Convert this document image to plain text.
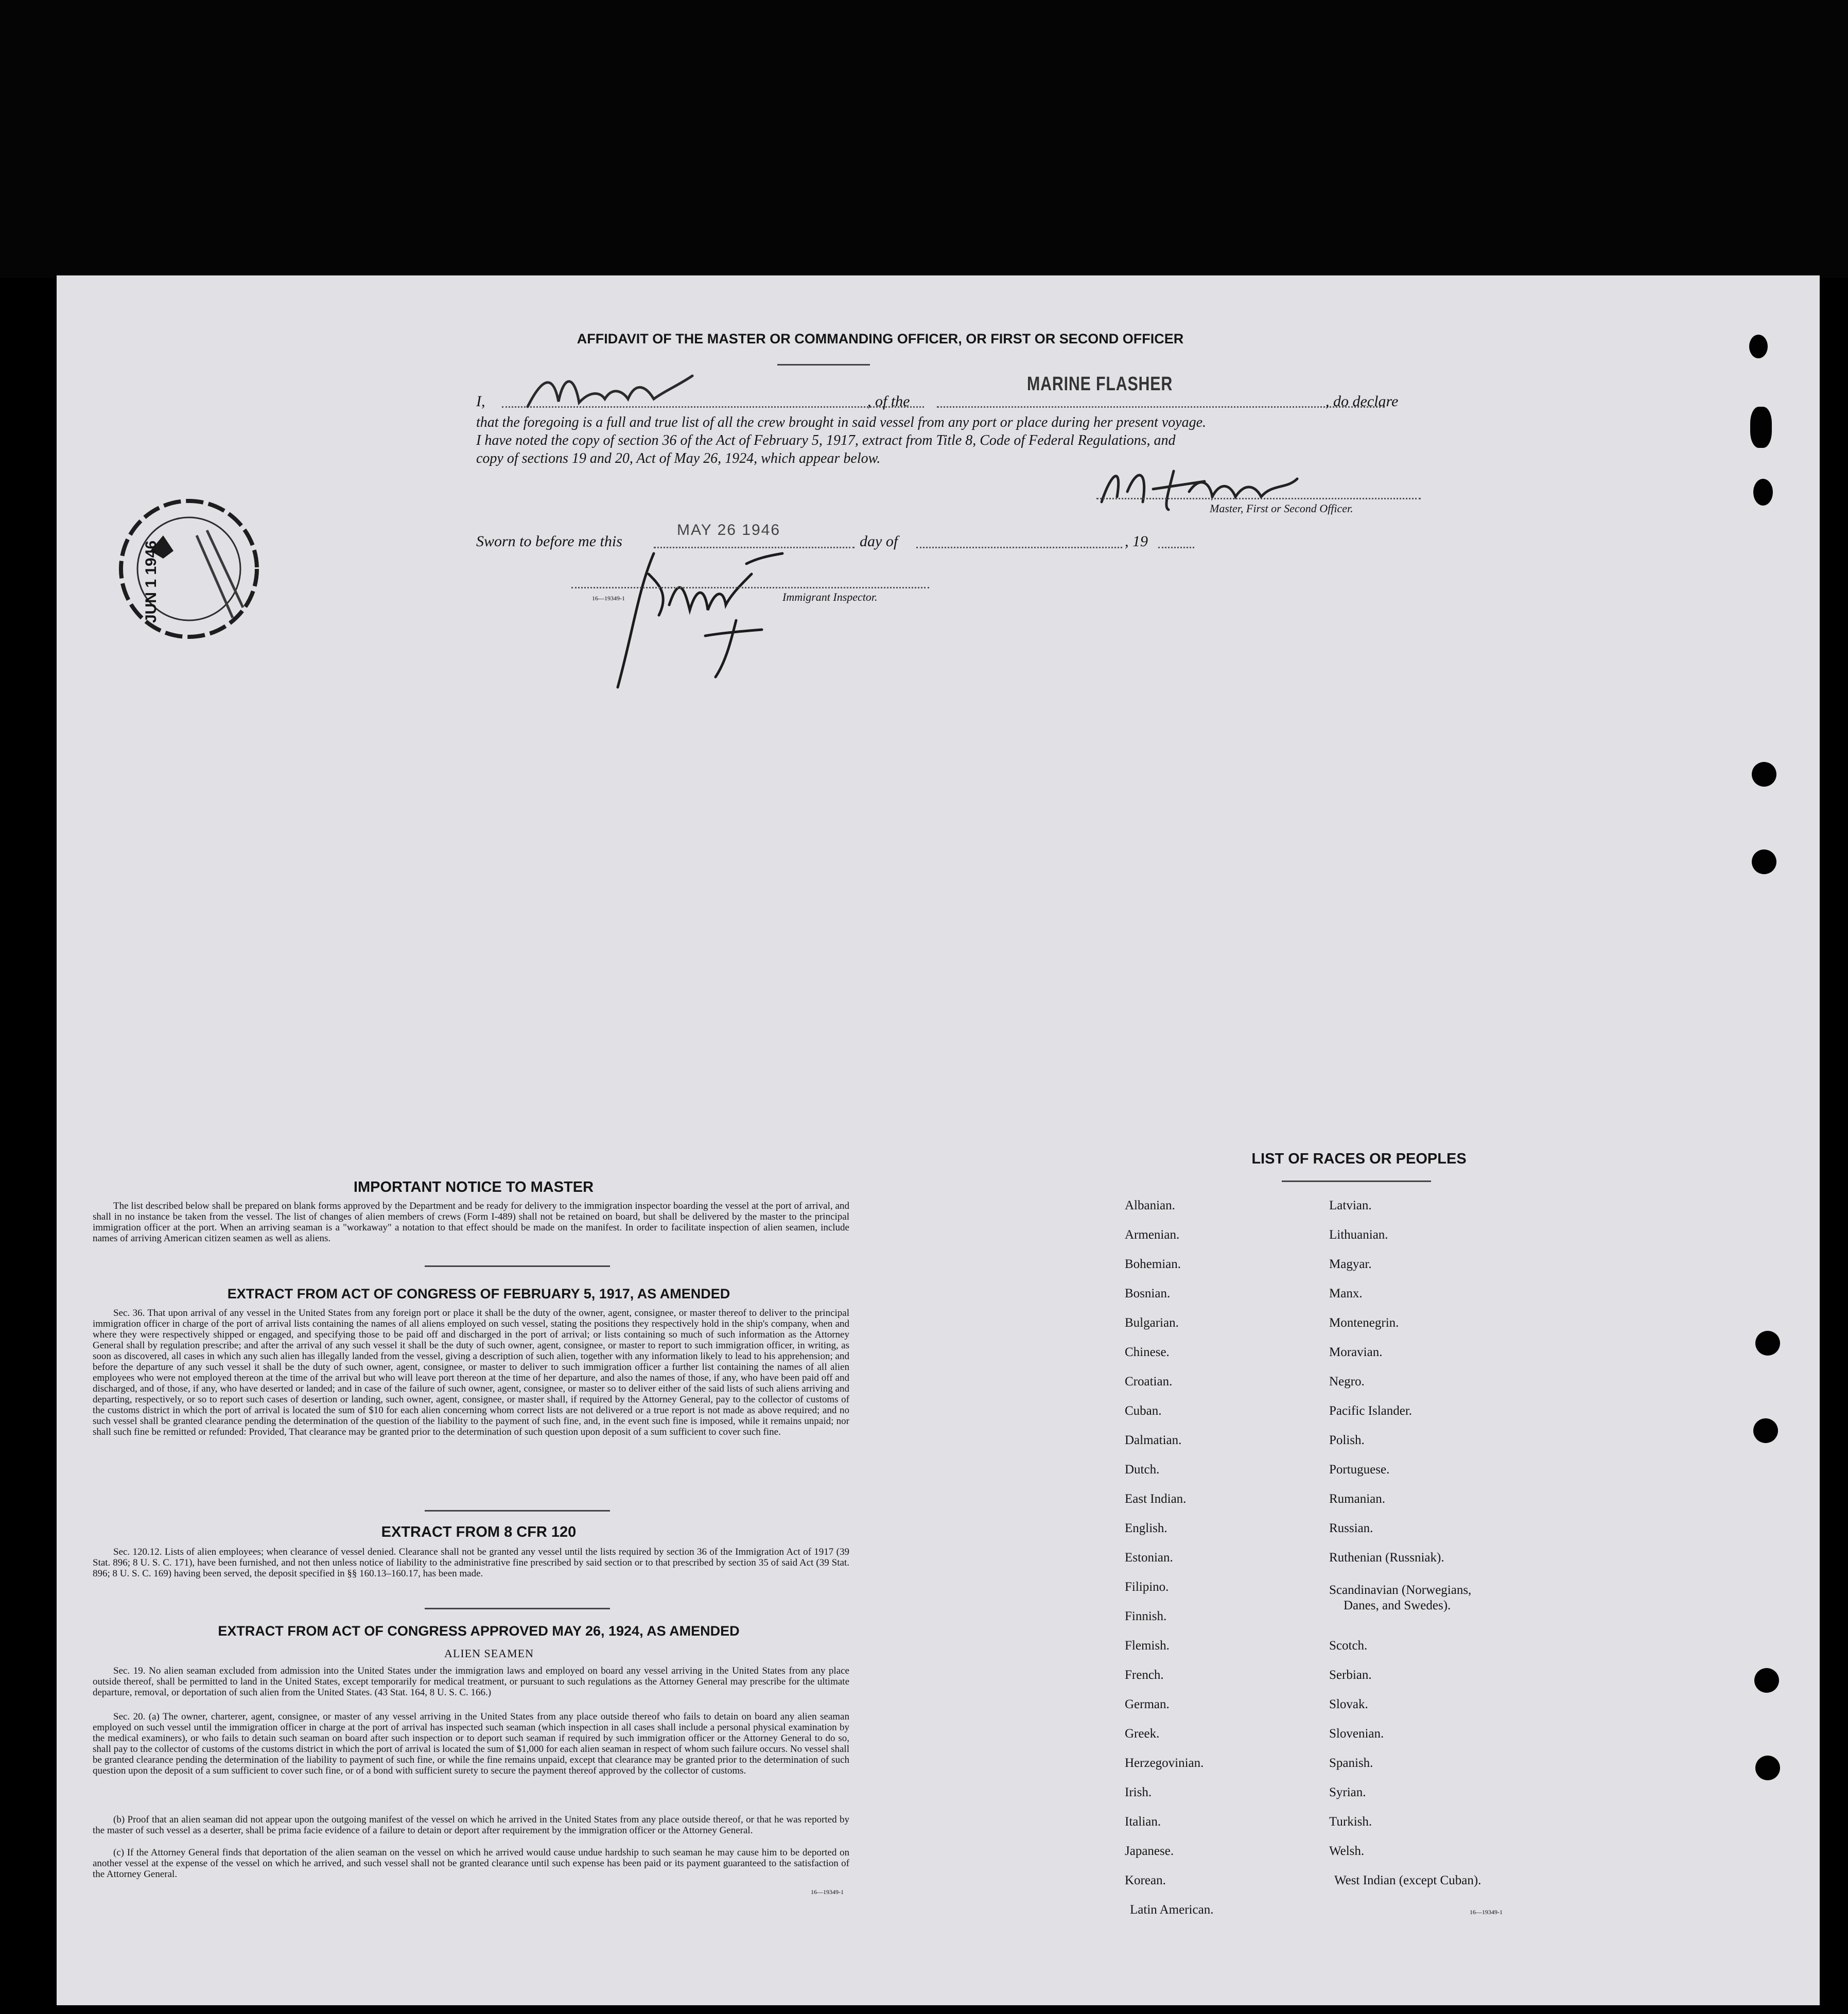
AFFIDAVIT OF THE MASTER OR COMMANDING OFFICER, OR FIRST OR SECOND OFFICER
I,	, of the
MARINE FLASHER
, do declare
that the foregoing is a full and true list of all the crew brought in said vessel from any port or place during her present voyage.
I have noted the copy of section 36 of the Act of February 5, 1917, extract from Title 8, Code of Federal Regulations, and
copy of sections 19 and 20, Act of May 26, 1924, which appear below.
Master, First or Second Officer.
Sworn to before me this
MAY 26 1946
day of	, 19
16—19349-1	Immigrant Inspector.
JUN 1 1946
IMPORTANT NOTICE TO MASTER
The list described below shall be prepared on blank forms approved by the Department and be ready for delivery to the immigration inspector boarding the vessel at the port of arrival, and shall in no instance be taken from the vessel. The list of changes of alien members of crews (Form I-489) shall not be retained on board, but shall be delivered by the master to the principal immigration officer at the port. When an arriving seaman is a "workaway" a notation to that effect should be made on the manifest. In order to facilitate inspection of alien seamen, include names of arriving American citizen seamen as well as aliens.
EXTRACT FROM ACT OF CONGRESS OF FEBRUARY 5, 1917, AS AMENDED
Sec. 36. That upon arrival of any vessel in the United States from any foreign port or place it shall be the duty of the owner, agent, consignee, or master thereof to deliver to the principal immigration officer in charge of the port of arrival lists containing the names of all aliens employed on such vessel, stating the positions they respectively hold in the ship's company, when and where they were respectively shipped or engaged, and specifying those to be paid off and discharged in the port of arrival; or lists containing so much of such information as the Attorney General shall by regulation prescribe; and after the arrival of any such vessel it shall be the duty of such owner, agent, consignee, or master to report to such immigration officer, in writing, as soon as discovered, all cases in which any such alien has illegally landed from the vessel, giving a description of such alien, together with any information likely to lead to his apprehension; and before the departure of any such vessel it shall be the duty of such owner, agent, consignee, or master to deliver to such immigration officer a further list containing the names of all alien employees who were not employed thereon at the time of the arrival but who will leave port thereon at the time of her departure, and also the names of those, if any, who have been paid off and discharged, and of those, if any, who have deserted or landed; and in case of the failure of such owner, agent, consignee, or master so to deliver either of the said lists of such aliens arriving and departing, respectively, or so to report such cases of desertion or landing, such owner, agent, consignee, or master shall, if required by the Attorney General, pay to the collector of customs of the customs district in which the port of arrival is located the sum of $10 for each alien concerning whom correct lists are not delivered or a true report is not made as above required; and no such vessel shall be granted clearance pending the determination of the question of the liability to the payment of such fine, and, in the event such fine is imposed, while it remains unpaid; nor shall such fine be remitted or refunded: Provided, That clearance may be granted prior to the determination of such question upon deposit of a sum sufficient to cover such fine.
EXTRACT FROM 8 CFR 120
Sec. 120.12. Lists of alien employees; when clearance of vessel denied. Clearance shall not be granted any vessel until the lists required by section 36 of the Immigration Act of 1917 (39 Stat. 896; 8 U. S. C. 171), have been furnished, and not then unless notice of liability to the administrative fine prescribed by said section or to that prescribed by section 35 of said Act (39 Stat. 896; 8 U. S. C. 169) having been served, the deposit specified in §§ 160.13–160.17, has been made.
EXTRACT FROM ACT OF CONGRESS APPROVED MAY 26, 1924, AS AMENDED
ALIEN SEAMEN
Sec. 19. No alien seaman excluded from admission into the United States under the immigration laws and employed on board any vessel arriving in the United States from any place outside thereof, shall be permitted to land in the United States, except temporarily for medical treatment, or pursuant to such regulations as the Attorney General may prescribe for the ultimate departure, removal, or deportation of such alien from the United States. (43 Stat. 164, 8 U. S. C. 166.)
Sec. 20. (a) The owner, charterer, agent, consignee, or master of any vessel arriving in the United States from any place outside thereof who fails to detain on board any alien seaman employed on such vessel until the immigration officer in charge at the port of arrival has inspected such seaman (which inspection in all cases shall include a personal physical examination by the medical examiners), or who fails to detain such seaman on board after such inspection or to deport such seaman if required by such immigration officer or the Attorney General to do so, shall pay to the collector of customs of the customs district in which the port of arrival is located the sum of $1,000 for each alien seaman in respect of whom such failure occurs. No vessel shall be granted clearance pending the determination of the liability to payment of such fine, or while the fine remains unpaid, except that clearance may be granted prior to the determination of such question upon the deposit of a sum sufficient to cover such fine, or of a bond with sufficient surety to secure the payment thereof approved by the collector of customs.
(b) Proof that an alien seaman did not appear upon the outgoing manifest of the vessel on which he arrived in the United States from any place outside thereof, or that he was reported by the master of such vessel as a deserter, shall be prima facie evidence of a failure to detain or deport after requirement by the immigration officer or the Attorney General.
(c) If the Attorney General finds that deportation of the alien seaman on the vessel on which he arrived would cause undue hardship to such seaman he may cause him to be deported on another vessel at the expense of the vessel on which he arrived, and such vessel shall not be granted clearance until such expense has been paid or its payment guaranteed to the satisfaction of the Attorney General.
16—19349-1
LIST OF RACES OR PEOPLES
Albanian.
Armenian.
Bohemian.
Bosnian.
Bulgarian.
Chinese.
Croatian.
Cuban.
Dalmatian.
Dutch.
East Indian.
English.
Estonian.
Filipino.
Finnish.
Flemish.
French.
German.
Greek.
Herzegovinian.
Irish.
Italian.
Japanese.
Korean.
Latin American.
Latvian.
Lithuanian.
Magyar.
Manx.
Montenegrin.
Moravian.
Negro.
Pacific Islander.
Polish.
Portuguese.
Rumanian.
Russian.
Ruthenian (Russniak).
Scandinavian (Norwegians,
Danes, and Swedes).
Scotch.
Serbian.
Slovak.
Slovenian.
Spanish.
Syrian.
Turkish.
Welsh.
West Indian (except Cuban).
16—19349-1
